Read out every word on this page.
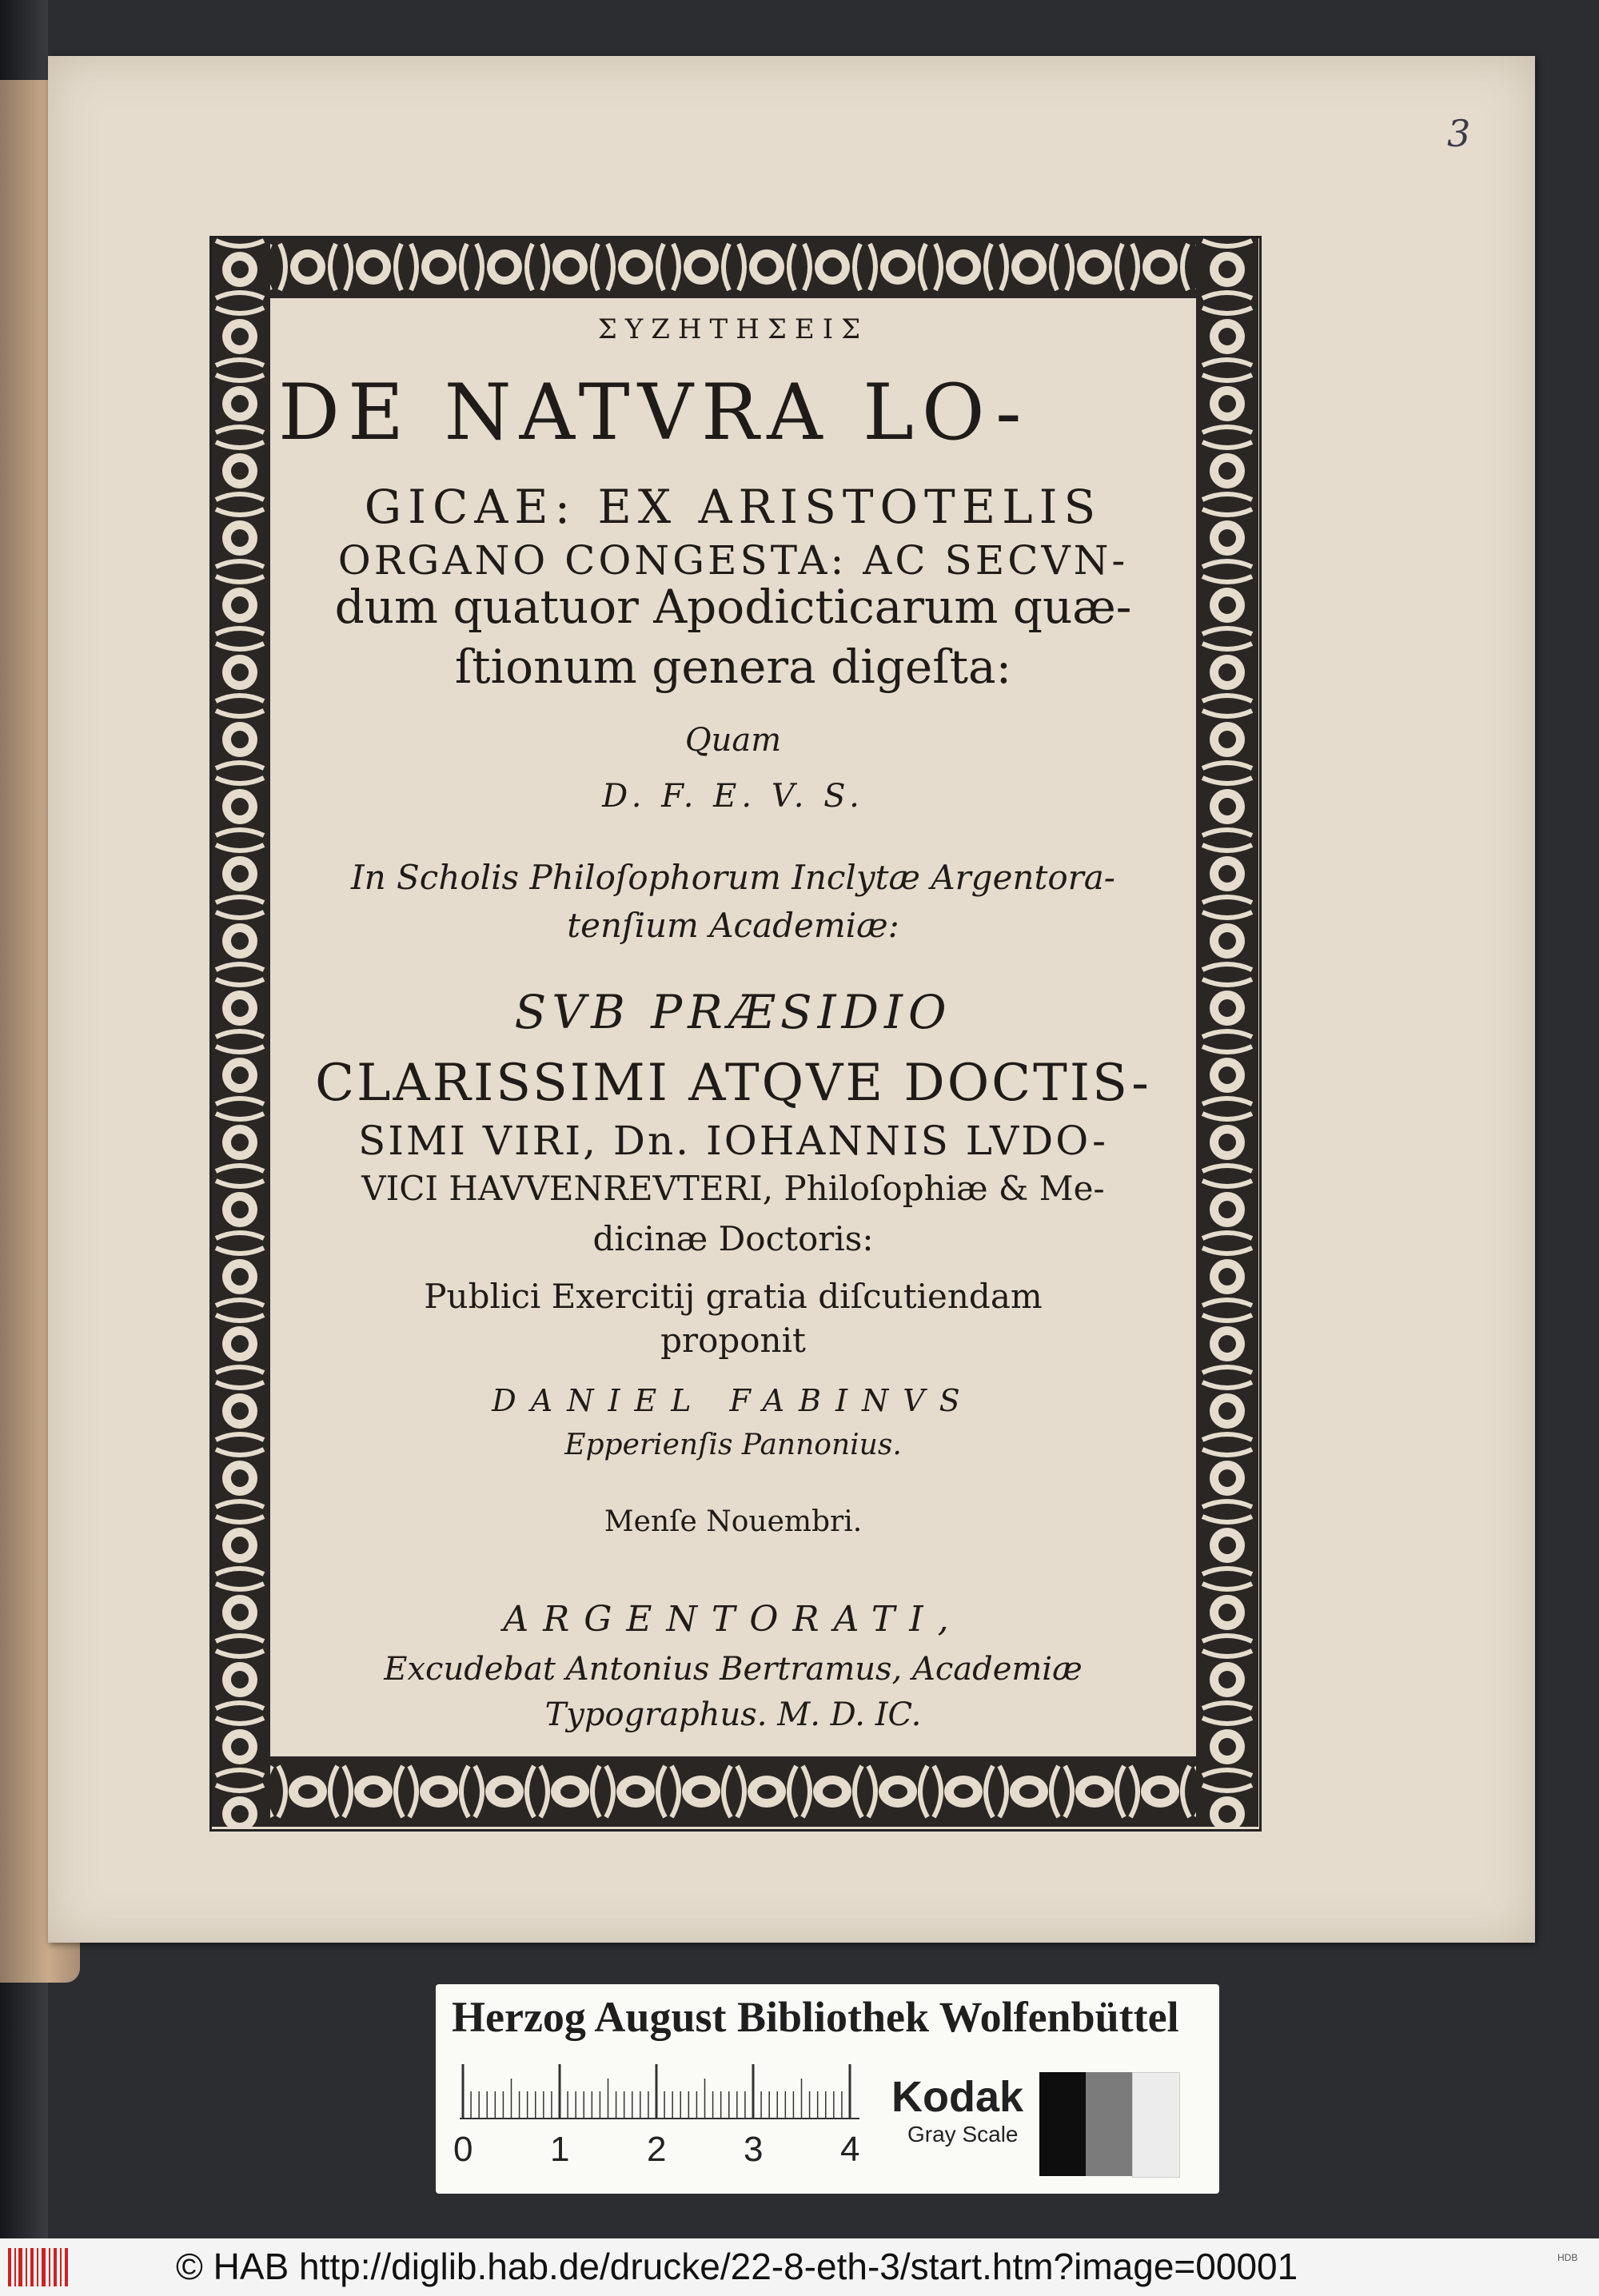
3
ΣΥΖΗΤΗΣΕΙΣ
DE NATVRA LO-
GICAE: EX ARISTOTELIS
ORGANO CONGESTA: AC SECVN-
dum quatuor Apodicticarum quæ-
ſtionum genera digeſta:
Quam
D. F. E. V. S.
In Scholis Philoſophorum Inclytæ Argentora-
tenſium Academiæ:
SVB PRÆSIDIO
CLARISSIMI ATQVE DOCTIS-
SIMI VIRI, Dn. IOHANNIS LVDO-
VICI HAVVENREVTERI, Philoſophiæ & Me-
dicinæ Doctoris:
Publici Exercitij gratia diſcutiendam
proponit
DANIEL FABINVS
Epperienſis Pannonius.
Menſe Nouembri.
ARGENTORATI,
Excudebat Antonius Bertramus, Academiæ
Typographus. M. D. IC.
Herzog August Bibliothek Wolfenbüttel
0 1 2 3 4
Kodak
Gray Scale
© HAB http://diglib.hab.de/drucke/22-8-eth-3/start.htm?image=00001	HDB
